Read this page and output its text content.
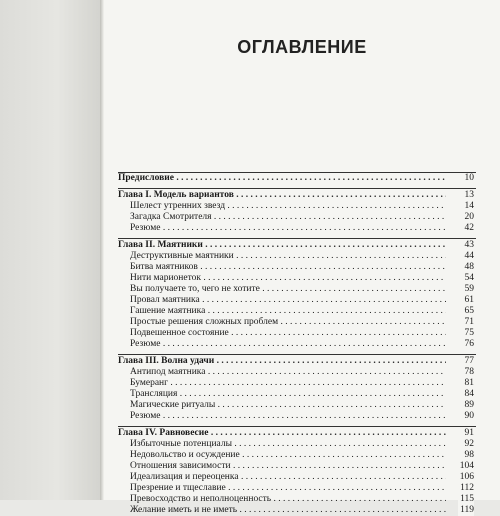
ОГЛАВЛЕНИЕ
Предисловие . . .	10
Глава I. Модель вариантов . . .	13
Шелест утренних звезд . . .	14
Загадка Смотрителя . . .	20
Резюме . . .	42
Глава II. Маятники . . .	43
Деструктивные маятники . . .	44
Битва маятников . . .	48
Нити марионеток . . .	54
Вы получаете то, чего не хотите . . .	59
Провал маятника . . .	61
Гашение маятника . . .	65
Простые решения сложных проблем . . .	71
Подвешенное состояние . . .	75
Резюме . . .	76
Глава III. Волна удачи . . .	77
Антипод маятника . . .	78
Бумеранг . . .	81
Трансляция . . .	84
Магические ритуалы . . .	89
Резюме . . .	90
Глава IV. Равновесие . . .	91
Избыточные потенциалы . . .	92
Недовольство и осуждение . . .	98
Отношения зависимости . . .	104
Идеализация и переоценка . . .	106
Презрение и тщеславие . . .	112
Превосходство и неполноценность . . .	115
Желание иметь и не иметь . . .	119
